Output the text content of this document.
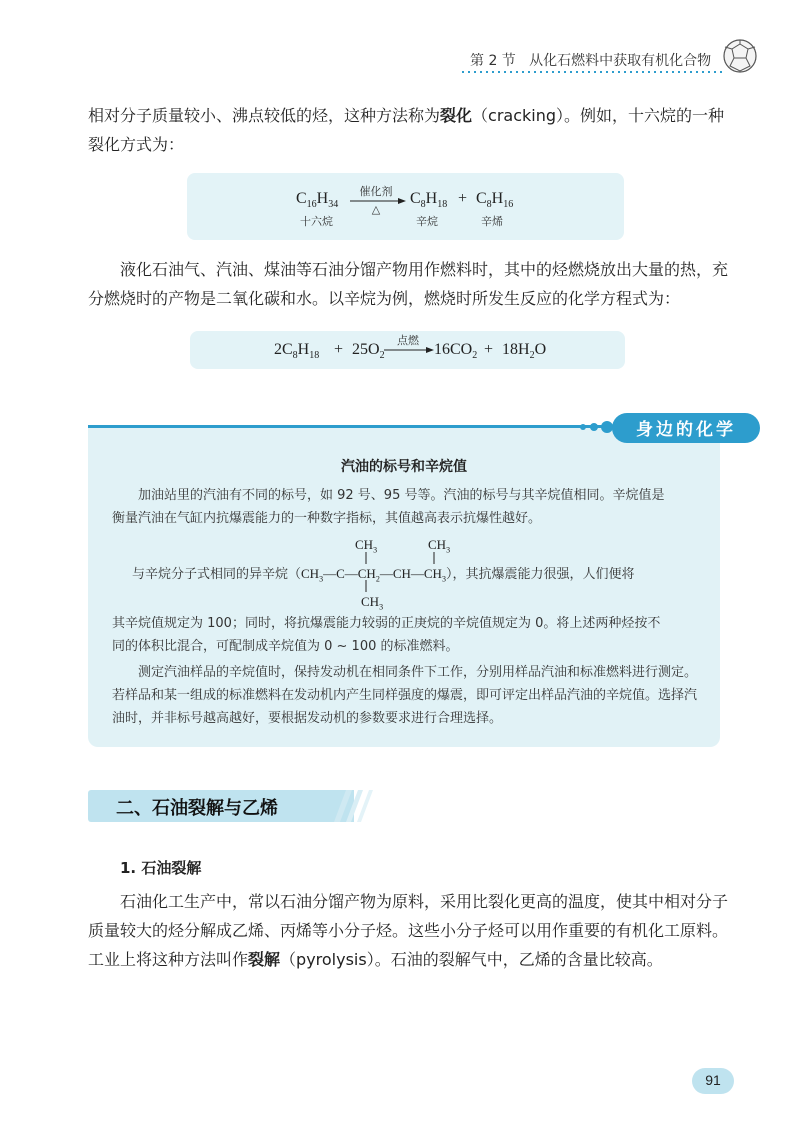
第 2 节 从化石燃料中获取有机化合物
相对分子质量较小、沸点较低的烃，这种方法称为裂化（cracking）。例如，十六烷的一种裂化方式为：
$C_{16}H_{34}$
十六烷
催化剂
△
$C_8H_{18}$
辛烷
+ $C_8H_{16}$
辛烯
液化石油气、汽油、煤油等石油分馏产物用作燃料时，其中的烃燃烧放出大量的热，充分燃烧时的产物是二氧化碳和水。以辛烷为例，燃烧时所发生反应的化学方程式为：
$2C_8H_{18} + 25O_2$
点燃
$16CO_2 + 18H_2O$
身边的化学
汽油的标号和辛烷值
加油站里的汽油有不同的标号，如 92 号、95 号等。汽油的标号与其辛烷值相同。辛烷值是
衡量汽油在气缸内抗爆震能力的一种数字指标，其值越高表示抗爆性越好。
$CH_3$	$CH_3$
$CH_3$
与辛烷分子式相同的异辛烷$(CH_3—C—CH_2—CH—CH_3)$，其抗爆震能力很强，人们便将
其辛烷值规定为 100；同时，将抗爆震能力较弱的正庚烷的辛烷值规定为 0。将上述两种烃按不
同的体积比混合，可配制成辛烷值为 0 ~ 100 的标准燃料。
测定汽油样品的辛烷值时，保持发动机在相同条件下工作，分别用样品汽油和标准燃料进行测定。若样品和某一组成的标准燃料在发动机内产生同样强度的爆震，即可评定出样品汽油的辛烷值。选择汽油时，并非标号越高越好，要根据发动机的参数要求进行合理选择。
二、石油裂解与乙烯
1. 石油裂解
石油化工生产中，常以石油分馏产物为原料，采用比裂化更高的温度，使其中相对分子质量较大的烃分解成乙烯、丙烯等小分子烃。这些小分子烃可以用作重要的有机化工原料。工业上将这种方法叫作裂解（pyrolysis）。石油的裂解气中，乙烯的含量比较高。
91
